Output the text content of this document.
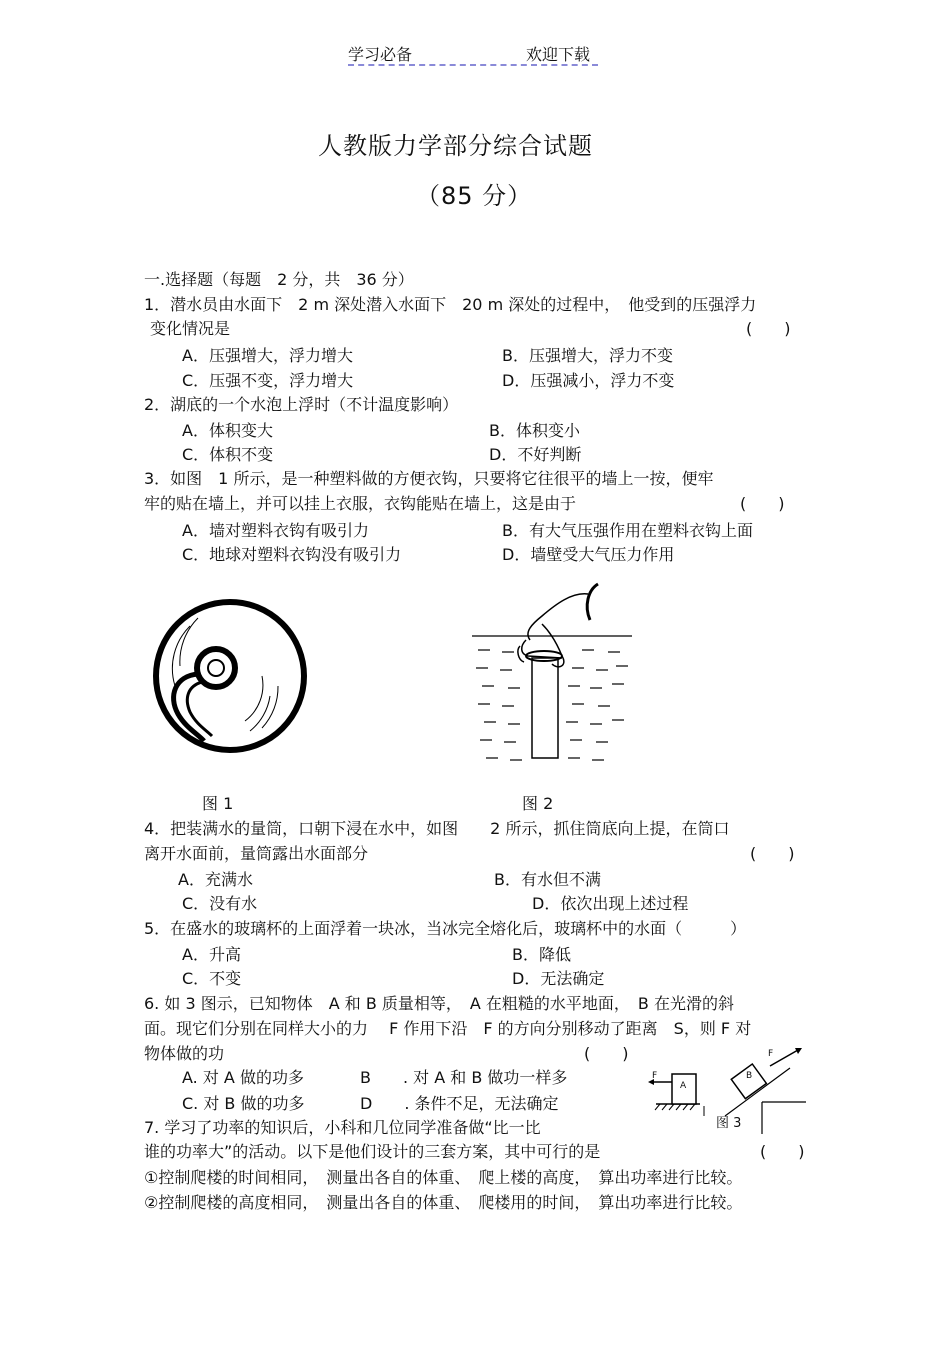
学习必备	欢迎下载
人教版力学部分综合试题
（85 分）
一.选择题（每题　2 分，共　36 分）
1．潜水员由水面下　2 m 深处潜入水面下　20 m 深处的过程中，　他受到的压强浮力
变化情况是	(　　)
A．压强增大，浮力增大	B．压强增大，浮力不变
C．压强不变，浮力增大	D．压强减小，浮力不变
2．湖底的一个水泡上浮时（不计温度影响）
A．体积变大	B．体积变小
C．体积不变	D．不好判断
3．如图　1 所示，是一种塑料做的方便衣钩，只要将它往很平的墙上一按，便牢
牢的贴在墙上，并可以挂上衣服，衣钩能贴在墙上，这是由于	(　　)
A．墙对塑料衣钩有吸引力	B．有大气压强作用在塑料衣钩上面
C．地球对塑料衣钩没有吸引力	D．墙壁受大气压力作用
图 1	图 2
4．把装满水的量筒，口朝下浸在水中，如图　　2 所示，抓住筒底向上提，在筒口
离开水面前，量筒露出水面部分	(　　)
A．充满水	B．有水但不满
C．没有水	D．依次出现上述过程
5．在盛水的玻璃杯的上面浮着一块冰，当冰完全熔化后，玻璃杯中的水面（　　　）
A．升高	B．降低
C．不变	D．无法确定
6. 如 3 图示，已知物体　A 和 B 质量相等，　A 在粗糙的水平地面，　B 在光滑的斜
面。现它们分别在同样大小的力　 F 作用下沿　F 的方向分别移动了距离　S，则 F 对
物体做的功	(　　)
A. 对 A 做的功多	B　　. 对 A 和 B 做功一样多
C. 对 B 做的功多	D　　. 条件不足，无法确定
A
B
F
F
图 3
7. 学习了功率的知识后，小科和几位同学准备做“比一比
谁的功率大”的活动。以下是他们设计的三套方案，其中可行的是	(　　)
①控制爬楼的时间相同，　测量出各自的体重、　爬上楼的高度，　算出功率进行比较。
②控制爬楼的高度相同，　测量出各自的体重、　爬楼用的时间，　算出功率进行比较。
